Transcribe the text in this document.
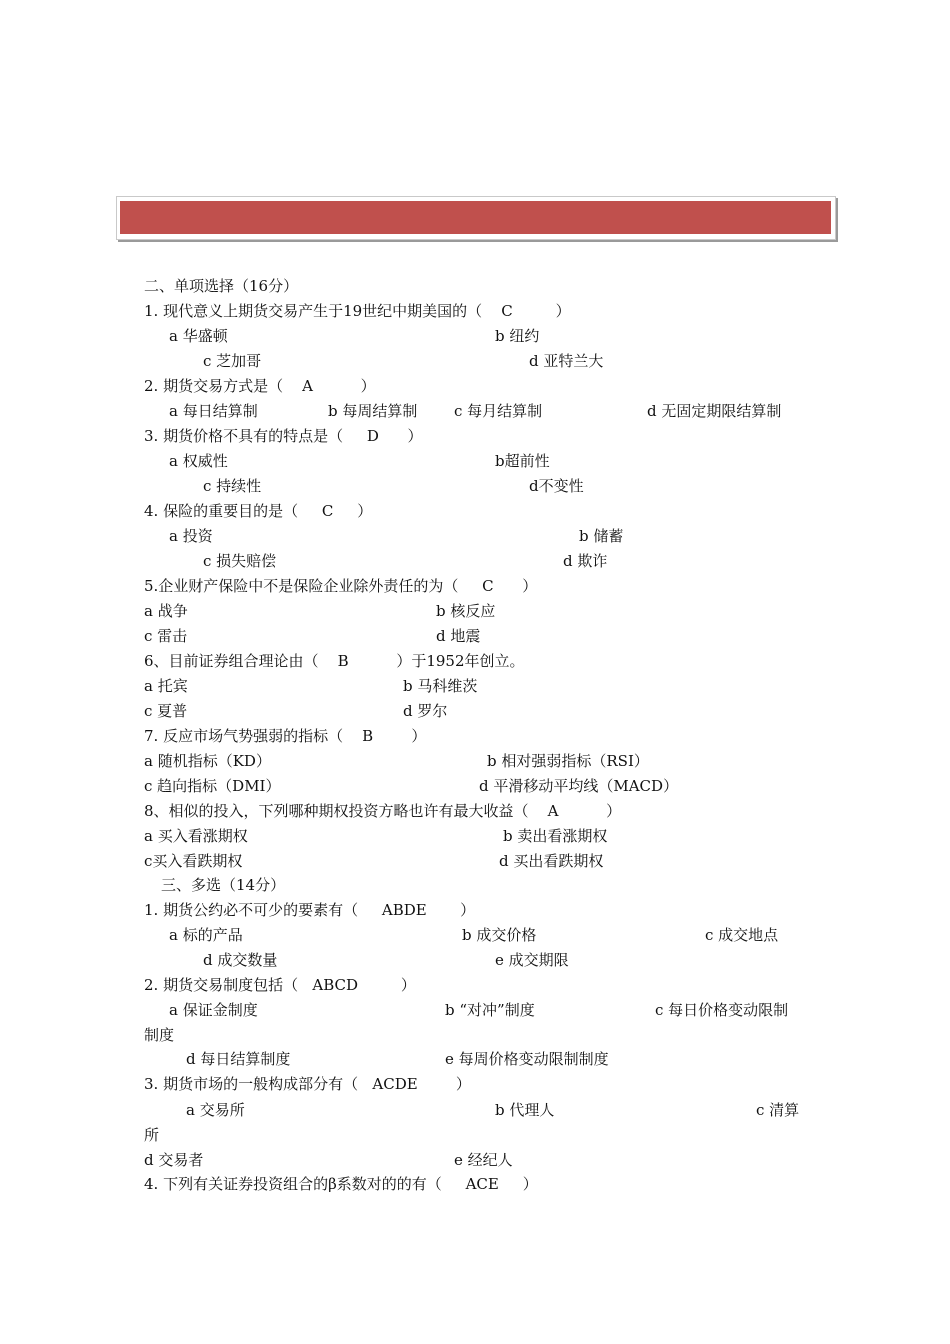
二、单项选择（16分）
1. 现代意义上期货交易产生于19世纪中期美国的（    C         ）
a 华盛顿	b 纽约
c 芝加哥	d 亚特兰大
2. 期货交易方式是（    A          ）
a 每日结算制	b 每周结算制 c 每月结算制	d 无固定期限结算制
3. 期货价格不具有的特点是（     D      ）
a 权威性	b超前性
c 持续性	d不变性
4. 保险的重要目的是（     C     ）
a 投资	b 储蓄
c 损失赔偿	d 欺诈
5.企业财产保险中不是保险企业除外责任的为（     C      ）
a 战争	b 核反应
c 雷击	d 地震
6、目前证券组合理论由（    B          ）于1952年创立。
a 托宾	b 马科维茨
c 夏普	d 罗尔
7. 反应市场气势强弱的指标（    B        ）
a 随机指标（KD）	b 相对强弱指标（RSI）
c 趋向指标（DMI）	d 平滑移动平均线（MACD）
8、相似的投入，下列哪种期权投资方略也许有最大收益（    A          ）
a 买入看涨期权	b 卖出看涨期权
c买入看跌期权	d 买出看跌期权
三、多选（14分）
1. 期货公约必不可少的要素有（     ABDE       ）
a 标的产品	b 成交价格	c 成交地点
d 成交数量	e 成交期限
2. 期货交易制度包括（   ABCD         ）
a 保证金制度	b “对冲”制度	c 每日价格变动限制
制度
d 每日结算制度	e 每周价格变动限制制度
3. 期货市场的一般构成部分有（   ACDE        ）
a 交易所	b 代理人	c 清算
所
d 交易者	e 经纪人
4. 下列有关证券投资组合的β系数对的的有（     ACE     ）
